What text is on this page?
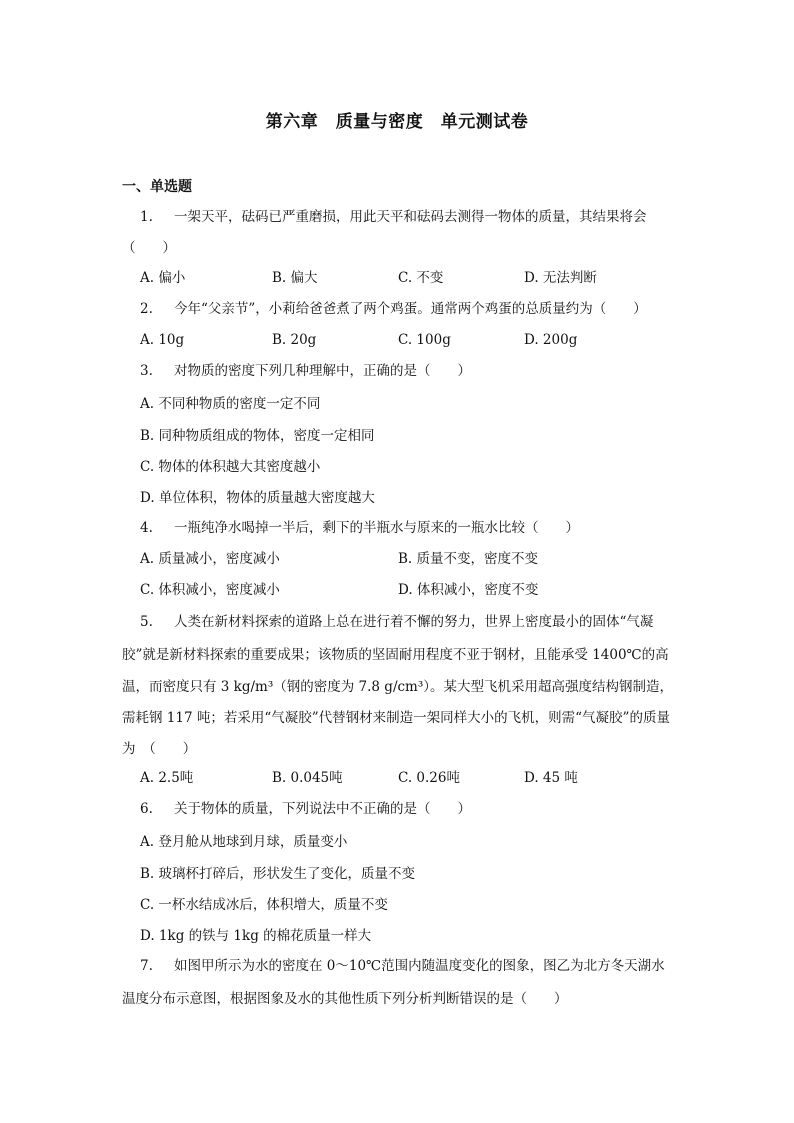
第六章　质量与密度　单元测试卷
一、单选题
1.	一架天平，砝码已严重磨损，用此天平和砝码去测得一物体的质量，其结果将会
（　　）
A. 偏小	B. 偏大	C. 不变	D. 无法判断
2.	今年“父亲节”，小莉给爸爸煮了两个鸡蛋。通常两个鸡蛋的总质量约为（　　）
A. 10g	B. 20g	C. 100g	D. 200g
3.	对物质的密度下列几种理解中，正确的是（　　）
A. 不同种物质的密度一定不同
B. 同种物质组成的物体，密度一定相同
C. 物体的体积越大其密度越小
D. 单位体积，物体的质量越大密度越大
4.	一瓶纯净水喝掉一半后，剩下的半瓶水与原来的一瓶水比较（　　）
A. 质量减小，密度减小	B. 质量不变，密度不变
C. 体积减小，密度减小	D. 体积减小，密度不变
5.	人类在新材料探索的道路上总在进行着不懈的努力，世界上密度最小的固体“气凝
胶”就是新材料探索的重要成果；该物质的坚固耐用程度不亚于钢材，且能承受 1400℃的高
温，而密度只有 3 kg/m³（钢的密度为 7.8 g/cm³）。某大型飞机采用超高强度结构钢制造，
需耗钢 117 吨；若采用“气凝胶”代替钢材来制造一架同样大小的飞机，则需“气凝胶”的质量
为　（　　）
A. 2.5吨	B. 0.045吨	C. 0.26吨	D. 45 吨
6.	关于物体的质量，下列说法中不正确的是（　　）
A. 登月舱从地球到月球，质量变小
B. 玻璃杯打碎后，形状发生了变化，质量不变
C. 一杯水结成冰后，体积增大，质量不变
D. 1kg 的铁与 1kg 的棉花质量一样大
7.	如图甲所示为水的密度在 0～10℃范围内随温度变化的图象，图乙为北方冬天湖水
温度分布示意图，根据图象及水的其他性质下列分析判断错误的是（　　）
